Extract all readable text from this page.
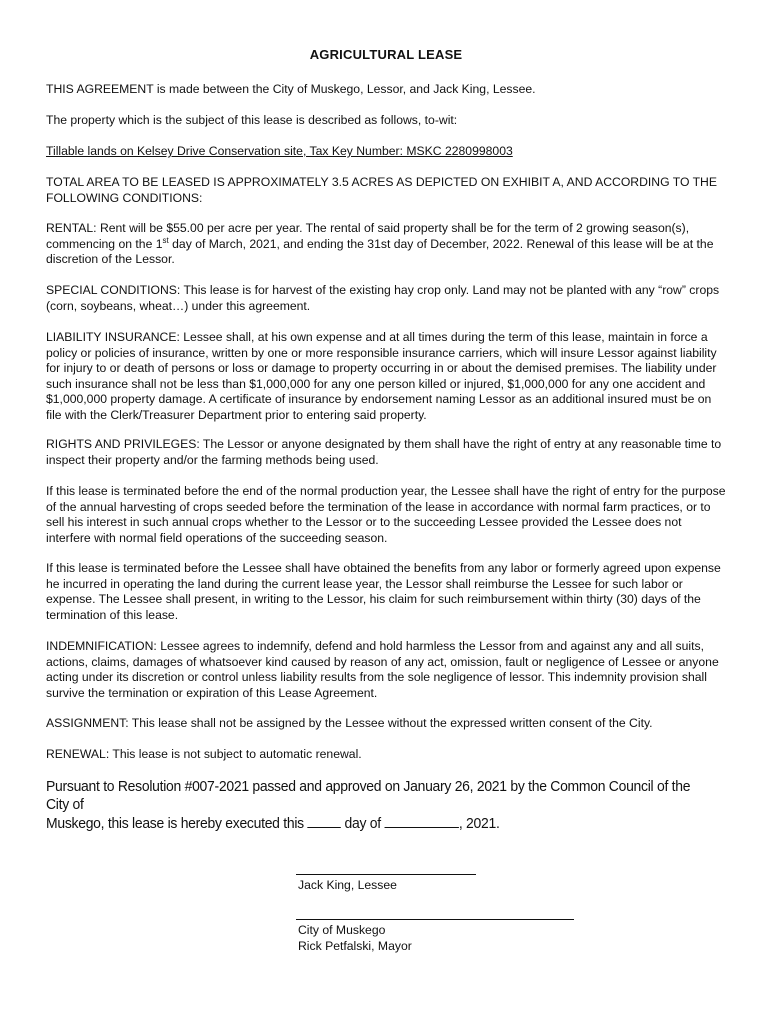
AGRICULTURAL LEASE

THIS AGREEMENT is made between the City of Muskego, Lessor, and Jack King, Lessee.

The property which is the subject of this lease is described as follows, to-wit:

Tillable lands on Kelsey Drive Conservation site, Tax Key Number: MSKC 2280998003

TOTAL AREA TO BE LEASED IS APPROXIMATELY 3.5 ACRES AS DEPICTED ON EXHIBIT A, AND ACCORDING TO THE FOLLOWING CONDITIONS:

RENTAL: Rent will be $55.00 per acre per year. The rental of said property shall be for the term of 2 growing season(s), commencing on the 1st day of March, 2021, and ending the 31st day of December, 2022. Renewal of this lease will be at the discretion of the Lessor.

SPECIAL CONDITIONS: This lease is for harvest of the existing hay crop only. Land may not be planted with any “row” crops (corn, soybeans, wheat…) under this agreement.

LIABILITY INSURANCE: Lessee shall, at his own expense and at all times during the term of this lease, maintain in force a policy or policies of insurance, written by one or more responsible insurance carriers, which will insure Lessor against liability for injury to or death of persons or loss or damage to property occurring in or about the demised premises. The liability under such insurance shall not be less than $1,000,000 for any one person killed or injured, $1,000,000 for any one accident and $1,000,000 property damage. A certificate of insurance by endorsement naming Lessor as an additional insured must be on file with the Clerk/Treasurer Department prior to entering said property.

RIGHTS AND PRIVILEGES: The Lessor or anyone designated by them shall have the right of entry at any reasonable time to inspect their property and/or the farming methods being used.

If this lease is terminated before the end of the normal production year, the Lessee shall have the right of entry for the purpose of the annual harvesting of crops seeded before the termination of the lease in accordance with normal farm practices, or to sell his interest in such annual crops whether to the Lessor or to the succeeding Lessee provided the Lessee does not interfere with normal field operations of the succeeding season.

If this lease is terminated before the Lessee shall have obtained the benefits from any labor or formerly agreed upon expense he incurred in operating the land during the current lease year, the Lessor shall reimburse the Lessee for such labor or expense. The Lessee shall present, in writing to the Lessor, his claim for such reimbursement within thirty (30) days of the termination of this lease.

INDEMNIFICATION: Lessee agrees to indemnify, defend and hold harmless the Lessor from and against any and all suits, actions, claims, damages of whatsoever kind caused by reason of any act, omission, fault or negligence of Lessee or anyone acting under its discretion or control unless liability results from the sole negligence of lessor. This indemnity provision shall survive the termination or expiration of this Lease Agreement.

ASSIGNMENT: This lease shall not be assigned by the Lessee without the expressed written consent of the City.

RENEWAL: This lease is not subject to automatic renewal.

Pursuant to Resolution #007-2021 passed and approved on January 26, 2021 by the Common Council of the City of
Muskego, this lease is hereby executed this  day of	, 2021.
Jack King, Lessee
City of Muskego
Rick Petfalski, Mayor
